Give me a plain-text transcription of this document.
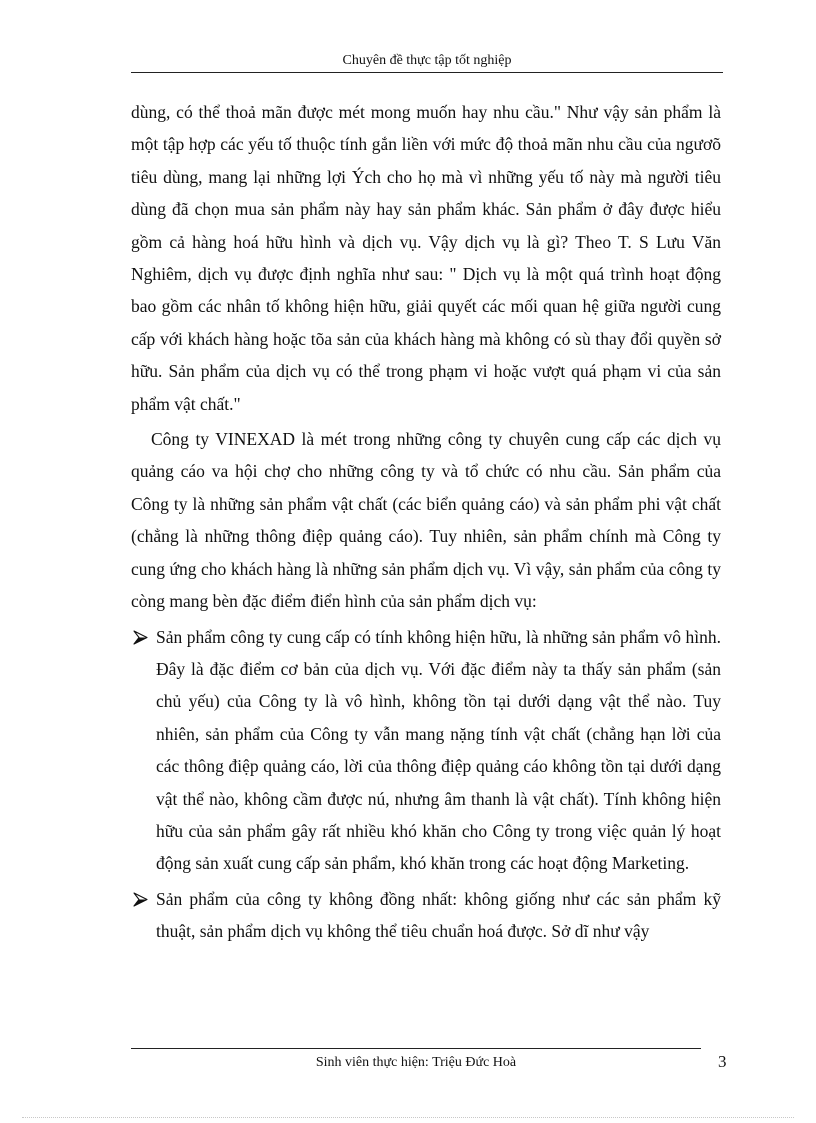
Chuyên đề thực tập tốt nghiệp

dùng, có thể thoả mãn được mét mong muốn hay nhu cầu." Như vậy sản phẩm là một tập hợp các yếu tố thuộc tính gắn liền với mức độ thoả mãn nhu cầu của ngươõ tiêu dùng, mang lại những lợi Ých cho họ mà vì những yếu tố này mà người tiêu dùng đã chọn mua sản phẩm này hay sản phẩm khác. Sản phẩm ở đây được hiểu gồm cả hàng hoá hữu hình và dịch vụ. Vậy dịch vụ là gì? Theo T. S Lưu Văn Nghiêm, dịch vụ được định nghĩa như sau: " Dịch vụ là một quá trình hoạt động bao gồm các nhân tố không hiện hữu, giải quyết các mối quan hệ giữa người cung cấp với khách hàng hoặc tõa sản của khách hàng mà không có sù thay đổi quyền sở hữu. Sản phẩm của dịch vụ có thể trong phạm vi hoặc vượt quá phạm vi của sản phẩm vật chất."

Công ty VINEXAD là mét trong những công ty chuyên cung cấp các dịch vụ quảng cáo va hội chợ cho những công ty và tổ chức có nhu cầu. Sản phẩm của Công ty là những sản phẩm vật chất (các biển quảng cáo) và sản phẩm phi vật chất (chẳng là những thông điệp quảng cáo). Tuy nhiên, sản phẩm chính mà Công ty cung ứng cho khách hàng là những sản phẩm dịch vụ. Vì vậy, sản phẩm của công ty còng mang bèn đặc điểm điển hình của sản phẩm dịch vụ:

Sản phẩm công ty cung cấp có tính không hiện hữu, là những sản phẩm vô hình. Đây là đặc điểm cơ bản của dịch vụ. Với đặc điểm này ta thấy sản phẩm (sản chủ yếu) của Công ty là vô hình, không tồn tại dưới dạng vật thể nào. Tuy nhiên, sản phẩm của Công ty vẫn mang nặng tính vật chất (chẳng hạn lời của các thông điệp quảng cáo, lời của thông điệp quảng cáo không tồn tại dưới dạng vật thể nào, không cầm được nú, nhưng âm thanh là vật chất). Tính không hiện hữu của sản phẩm gây rất nhiều khó khăn cho Công ty trong việc quản lý hoạt động sản xuất cung cấp sản phẩm, khó khăn trong các hoạt động Marketing.
Sản phẩm của công ty không đồng nhất: không giống như các sản phẩm kỹ thuật, sản phẩm dịch vụ không thể tiêu chuẩn hoá được. Sở dĩ như vậy
Sinh viên thực hiện: Triệu Đức Hoà	3
